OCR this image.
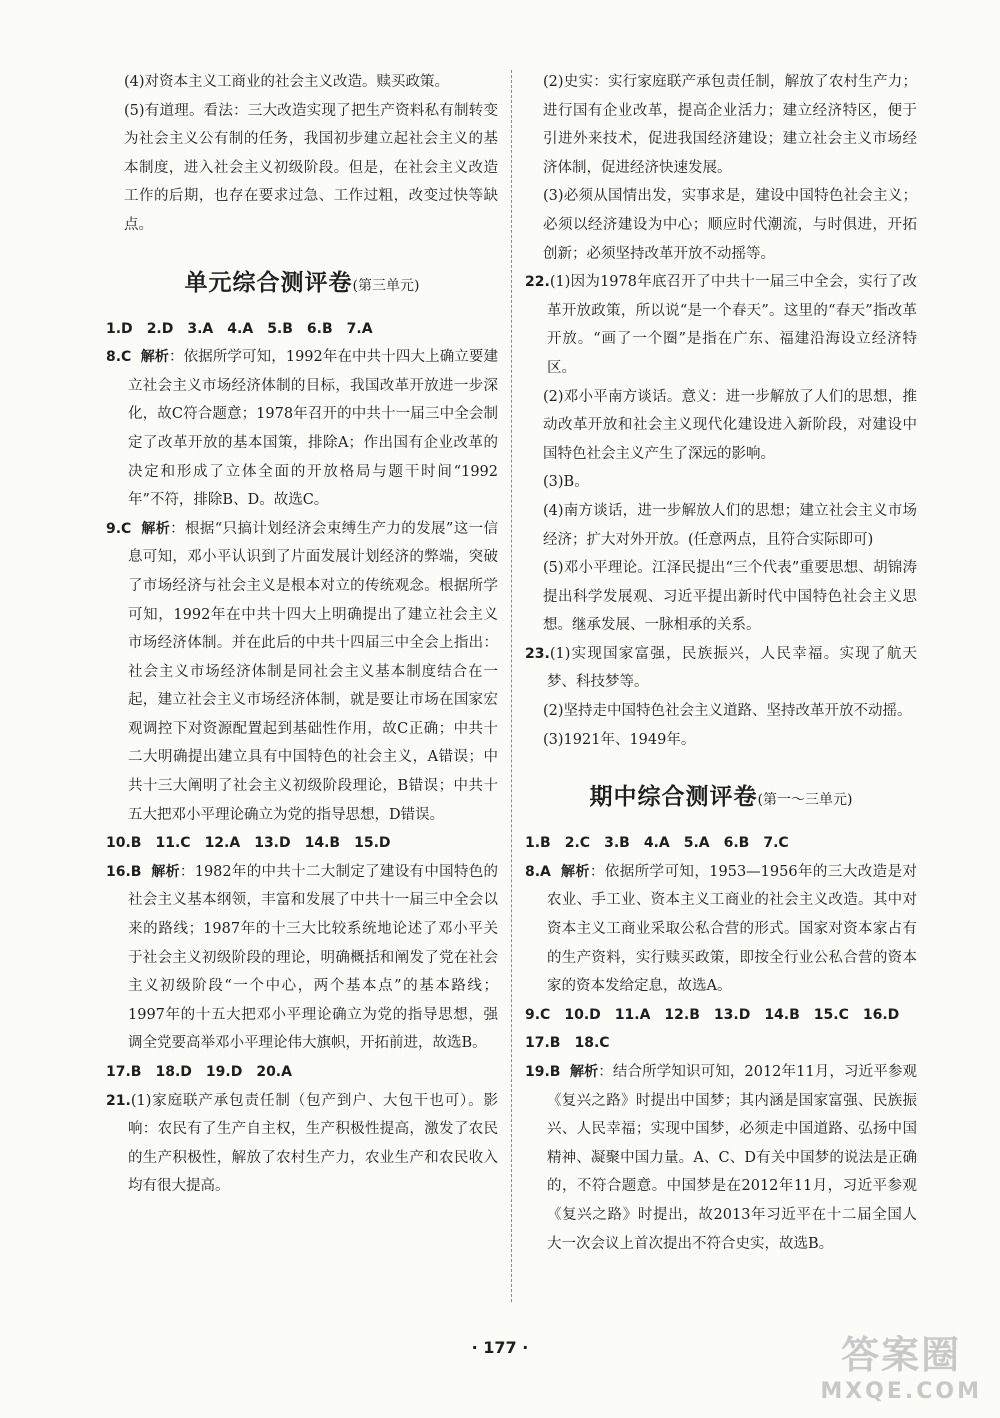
(4)对资本主义工商业的社会主义改造。赎买政策。

(5)有道理。看法：三大改造实现了把生产资料私有制转变为社会主义公有制的任务，我国初步建立起社会主义的基本制度，进入社会主义初级阶段。但是，在社会主义改造工作的后期，也存在要求过急、工作过粗，改变过快等缺点。

单元综合测评卷(第三单元)

1.D 2.D 3.A 4.A 5.B 6.B 7.A

8.C 解析：依据所学可知，1992年在中共十四大上确立要建立社会主义市场经济体制的目标，我国改革开放进一步深化，故C符合题意；1978年召开的中共十一届三中全会制定了改革开放的基本国策，排除A；作出国有企业改革的决定和形成了立体全面的开放格局与题干时间“1992年”不符，排除B、D。故选C。

9.C 解析：根据“只搞计划经济会束缚生产力的发展”这一信息可知，邓小平认识到了片面发展计划经济的弊端，突破了市场经济与社会主义是根本对立的传统观念。根据所学可知，1992年在中共十四大上明确提出了建立社会主义市场经济体制。并在此后的中共十四届三中全会上指出：社会主义市场经济体制是同社会主义基本制度结合在一起，建立社会主义市场经济体制，就是要让市场在国家宏观调控下对资源配置起到基础性作用，故C正确；中共十二大明确提出建立具有中国特色的社会主义，A错误；中共十三大阐明了社会主义初级阶段理论，B错误；中共十五大把邓小平理论确立为党的指导思想，D错误。

10.B 11.C 12.A 13.D 14.B 15.D

16.B 解析：1982年的中共十二大制定了建设有中国特色的社会主义基本纲领，丰富和发展了中共十一届三中全会以来的路线；1987年的十三大比较系统地论述了邓小平关于社会主义初级阶段的理论，明确概括和阐发了党在社会主义初级阶段“一个中心，两个基本点”的基本路线；1997年的十五大把邓小平理论确立为党的指导思想，强调全党要高举邓小平理论伟大旗帜，开拓前进，故选B。

17.B 18.D 19.D 20.A

21.(1)家庭联产承包责任制（包产到户、大包干也可）。影响：农民有了生产自主权，生产积极性提高，激发了农民的生产积极性，解放了农村生产力，农业生产和农民收入均有很大提高。

(2)史实：实行家庭联产承包责任制，解放了农村生产力；进行国有企业改革，提高企业活力；建立经济特区，便于引进外来技术，促进我国经济建设；建立社会主义市场经济体制，促进经济快速发展。

(3)必须从国情出发，实事求是，建设中国特色社会主义；必须以经济建设为中心；顺应时代潮流，与时俱进，开拓创新；必须坚持改革开放不动摇等。

22.(1)因为1978年底召开了中共十一届三中全会，实行了改革开放政策，所以说“是一个春天”。这里的“春天”指改革开放。“画了一个圈”是指在广东、福建沿海设立经济特区。

(2)邓小平南方谈话。意义：进一步解放了人们的思想，推动改革开放和社会主义现代化建设进入新阶段，对建设中国特色社会主义产生了深远的影响。

(3)B。

(4)南方谈话，进一步解放人们的思想；建立社会主义市场经济；扩大对外开放。(任意两点，且符合实际即可)

(5)邓小平理论。江泽民提出“三个代表”重要思想、胡锦涛提出科学发展观、习近平提出新时代中国特色社会主义思想。继承发展、一脉相承的关系。

23.(1)实现国家富强，民族振兴，人民幸福。实现了航天梦、科技梦等。

(2)坚持走中国特色社会主义道路、坚持改革开放不动摇。

(3)1921年、1949年。

期中综合测评卷(第一～三单元)

1.B 2.C 3.B 4.A 5.A 6.B 7.C

8.A 解析：依据所学可知，1953—1956年的三大改造是对农业、手工业、资本主义工商业的社会主义改造。其中对资本主义工商业采取公私合营的形式。国家对资本家占有的生产资料，实行赎买政策，即按全行业公私合营的资本家的资本发给定息，故选A。

9.C 10.D 11.A 12.B 13.D 14.B 15.C 16.D

17.B 18.C

19.B 解析：结合所学知识可知，2012年11月，习近平参观《复兴之路》时提出中国梦；其内涵是国家富强、民族振兴、人民幸福；实现中国梦，必须走中国道路、弘扬中国精神、凝聚中国力量。A、C、D有关中国梦的说法是正确的，不符合题意。中国梦是在2012年11月，习近平参观《复兴之路》时提出，故2013年习近平在十二届全国人大一次会议上首次提出不符合史实，故选B。

· 177 ·	答案圈
MXQE.COM
